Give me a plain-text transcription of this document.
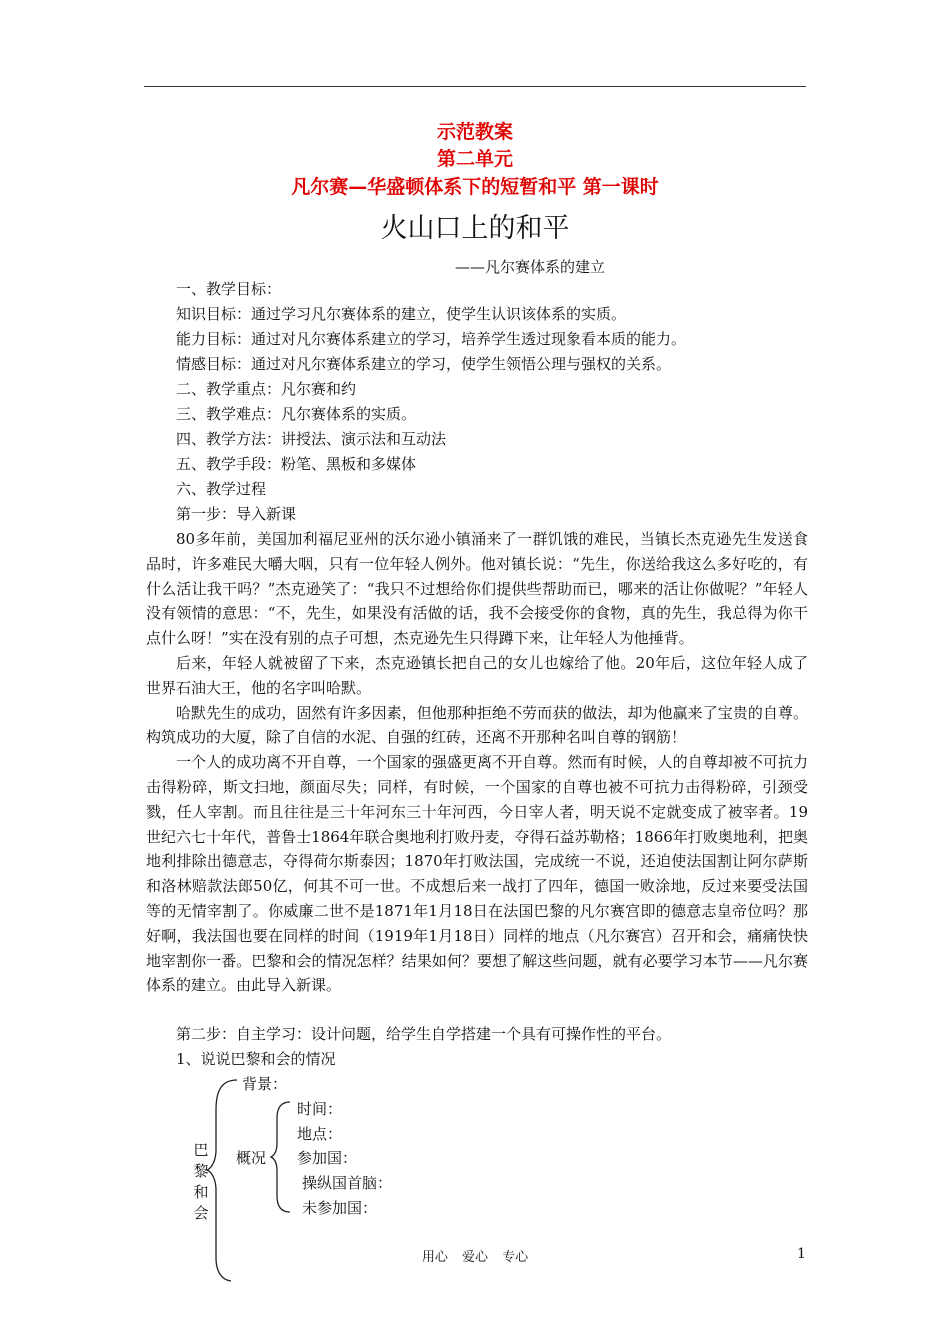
示范教案
第二单元
凡尔赛—华盛顿体系下的短暂和平 第一课时
火山口上的和平
——凡尔赛体系的建立
一、教学目标：
知识目标：通过学习凡尔赛体系的建立，使学生认识该体系的实质。
能力目标：通过对凡尔赛体系建立的学习，培养学生透过现象看本质的能力。
情感目标：通过对凡尔赛体系建立的学习，使学生领悟公理与强权的关系。
二、教学重点：凡尔赛和约
三、教学难点：凡尔赛体系的实质。
四、教学方法：讲授法、演示法和互动法
五、教学手段：粉笔、黑板和多媒体
六、教学过程
第一步：导入新课

80多年前，美国加利福尼亚州的沃尔逊小镇涌来了一群饥饿的难民，当镇长杰克逊先生发送食品时，许多难民大嚼大咽，只有一位年轻人例外。他对镇长说：“先生，你送给我这么多好吃的，有什么活让我干吗？”杰克逊笑了：“我只不过想给你们提供些帮助而已，哪来的活让你做呢？”年轻人没有领情的意思：“不，先生，如果没有活做的话，我不会接受你的食物，真的先生，我总得为你干点什么呀！”实在没有别的点子可想，杰克逊先生只得蹲下来，让年轻人为他捶背。

后来，年轻人就被留了下来，杰克逊镇长把自己的女儿也嫁给了他。20年后，这位年轻人成了世界石油大王，他的名字叫哈默。

哈默先生的成功，固然有许多因素，但他那种拒绝不劳而获的做法，却为他赢来了宝贵的自尊。构筑成功的大厦，除了自信的水泥、自强的红砖，还离不开那种名叫自尊的钢筋！

一个人的成功离不开自尊，一个国家的强盛更离不开自尊。然而有时候，人的自尊却被不可抗力击得粉碎，斯文扫地，颜面尽失；同样，有时候，一个国家的自尊也被不可抗力击得粉碎，引颈受戮，任人宰割。而且往往是三十年河东三十年河西，今日宰人者，明天说不定就变成了被宰者。19世纪六七十年代，普鲁士1864年联合奥地利打败丹麦，夺得石益苏勒格；1866年打败奥地利，把奥地利排除出德意志，夺得荷尔斯泰因；1870年打败法国，完成统一不说，还迫使法国割让阿尔萨斯和洛林赔款法郎50亿，何其不可一世。不成想后来一战打了四年，德国一败涂地，反过来要受法国等的无情宰割了。你威廉二世不是1871年1月18日在法国巴黎的凡尔赛宫即的德意志皇帝位吗？那好啊，我法国也要在同样的时间（1919年1月18日）同样的地点（凡尔赛宫）召开和会，痛痛快快地宰割你一番。巴黎和会的情况怎样？结果如何？要想了解这些问题，就有必要学习本节——凡尔赛体系的建立。由此导入新课。

第二步：自主学习：设计问题，给学生自学搭建一个具有可操作性的平台。
1、说说巴黎和会的情况
巴黎和会
背景：
概况
时间：
地点：
参加国：
操纵国首脑：
未参加国：
用心 爱心 专心	1
